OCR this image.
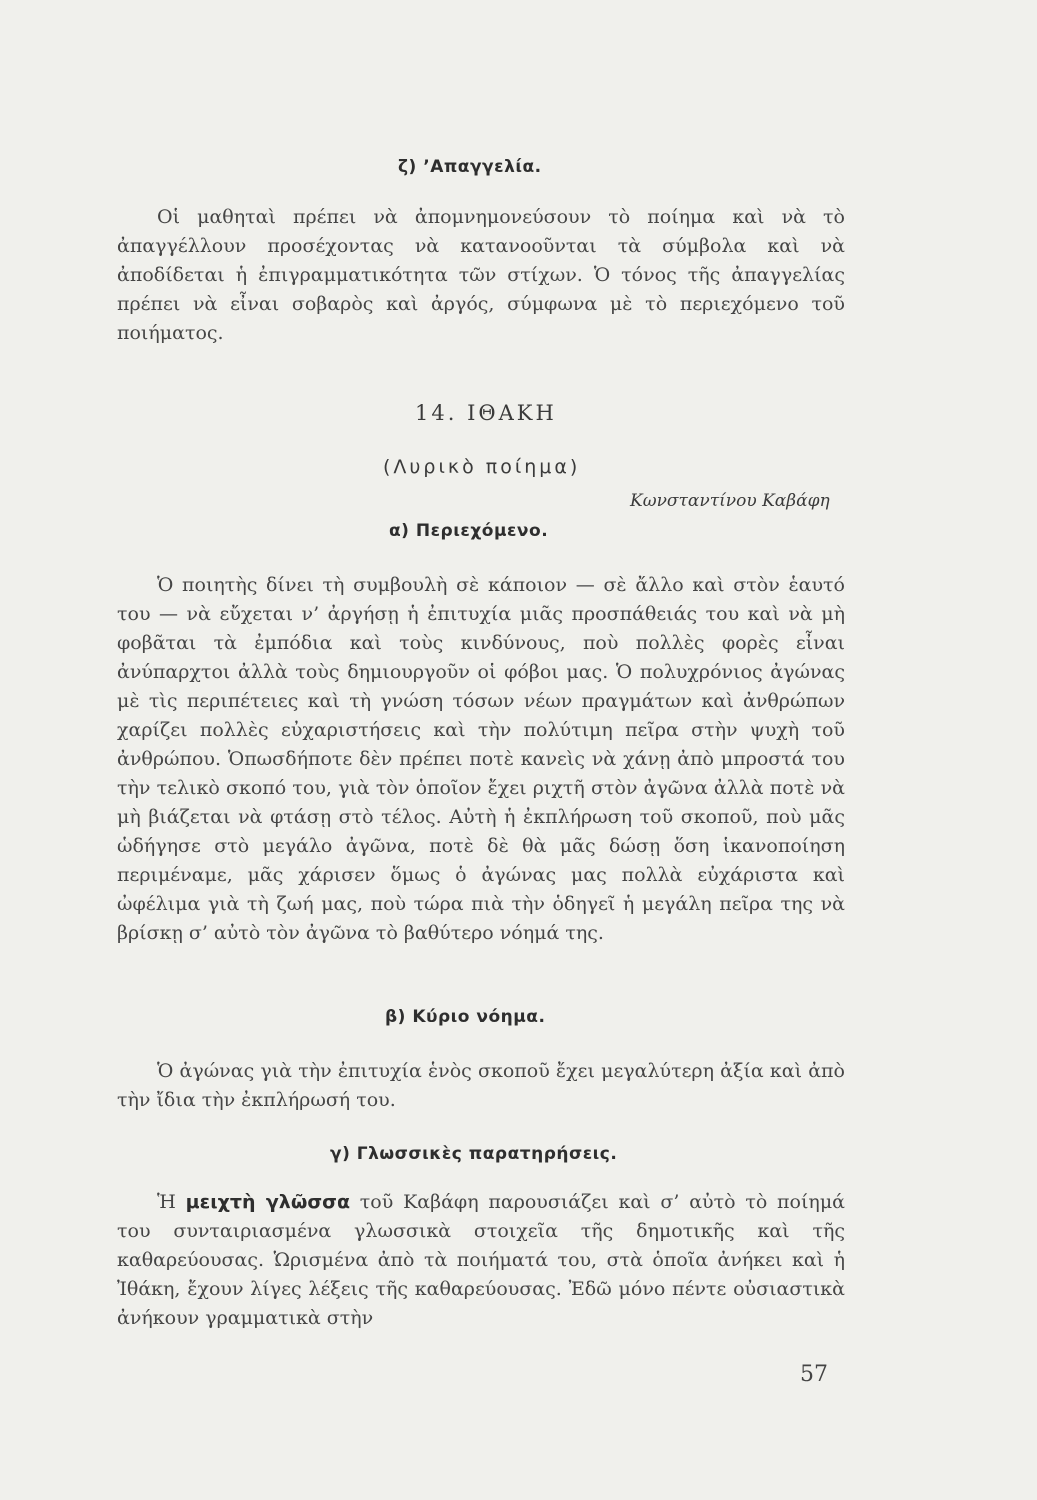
ζ) ’Απαγγελία.
Οἱ μαθηταὶ πρέπει νὰ ἀπομνημονεύσουν τὸ ποίημα καὶ νὰ τὸ ἀπαγγέλλουν προσέχοντας νὰ κατανοοῦνται τὰ σύμβολα καὶ νὰ ἀποδίδεται ἡ ἐπιγραμματικότητα τῶν στίχων. Ὁ τόνος τῆς ἀπαγγελίας πρέπει νὰ εἶναι σοβαρὸς καὶ ἀργός, σύμφωνα μὲ τὸ περιεχόμενο τοῦ ποιήματος.
14. ΙΘΑΚΗ
(Λυρικὸ ποίημα)
Κωνσταντίνου Καβάφη
α) Περιεχόμενο.
Ὁ ποιητὴς δίνει τὴ συμβουλὴ σὲ κάποιον — σὲ ἄλλο καὶ στὸν ἑαυτό του — νὰ εὔχεται ν’ ἀργήσῃ ἡ ἐπιτυχία μιᾶς προσπάθειάς του καὶ νὰ μὴ φοβᾶται τὰ ἐμπόδια καὶ τοὺς κινδύνους, ποὺ πολλὲς φορὲς εἶναι ἀνύπαρχτοι ἀλλὰ τοὺς δημιουργοῦν οἱ φόβοι μας. Ὁ πολυχρόνιος ἀγώνας μὲ τὶς περιπέτειες καὶ τὴ γνώση τόσων νέων πραγμάτων καὶ ἀνθρώπων χαρίζει πολλὲς εὐχαριστήσεις καὶ τὴν πολύτιμη πεῖρα στὴν ψυχὴ τοῦ ἀνθρώπου. Ὁπωσδήποτε δὲν πρέπει ποτὲ κανεὶς νὰ χάνῃ ἀπὸ μπροστά του τὴν τελικὸ σκοπό του, γιὰ τὸν ὁποῖον ἔχει ριχτῆ στὸν ἀγῶνα ἀλλὰ ποτὲ νὰ μὴ βιάζεται νὰ φτάσῃ στὸ τέλος. Αὐτὴ ἡ ἐκπλήρωση τοῦ σκοποῦ, ποὺ μᾶς ὡδήγησε στὸ μεγάλο ἀγῶνα, ποτὲ δὲ θὰ μᾶς δώσῃ ὅση ἱκανοποίηση περιμέναμε, μᾶς χάρισεν ὅμως ὁ ἀγώνας μας πολλὰ εὐχάριστα καὶ ὠφέλιμα γιὰ τὴ ζωή μας, ποὺ τώρα πιὰ τὴν ὁδηγεῖ ἡ μεγάλη πεῖρα της νὰ βρίσκῃ σ’ αὐτὸ τὸν ἀγῶνα τὸ βαθύτερο νόημά της.
β) Κύριο νόημα.
Ὁ ἀγώνας γιὰ τὴν ἐπιτυχία ἑνὸς σκοποῦ ἔχει μεγαλύτερη ἀξία καὶ ἀπὸ τὴν ἴδια τὴν ἐκπλήρωσή του.
γ) Γλωσσικὲς παρατηρήσεις.
Ἡ μειχτὴ γλῶσσα τοῦ Καβάφη παρουσιάζει καὶ σ’ αὐτὸ τὸ ποίημά του συνταιριασμένα γλωσσικὰ στοιχεῖα τῆς δημοτικῆς καὶ τῆς καθαρεύουσας. Ὡρισμένα ἀπὸ τὰ ποιήματά του, στὰ ὁποῖα ἀνήκει καὶ ἡ Ἰθάκη, ἔχουν λίγες λέξεις τῆς καθαρεύουσας. Ἐδῶ μόνο πέντε οὐσιαστικὰ ἀνήκουν γραμματικὰ στὴν
57
